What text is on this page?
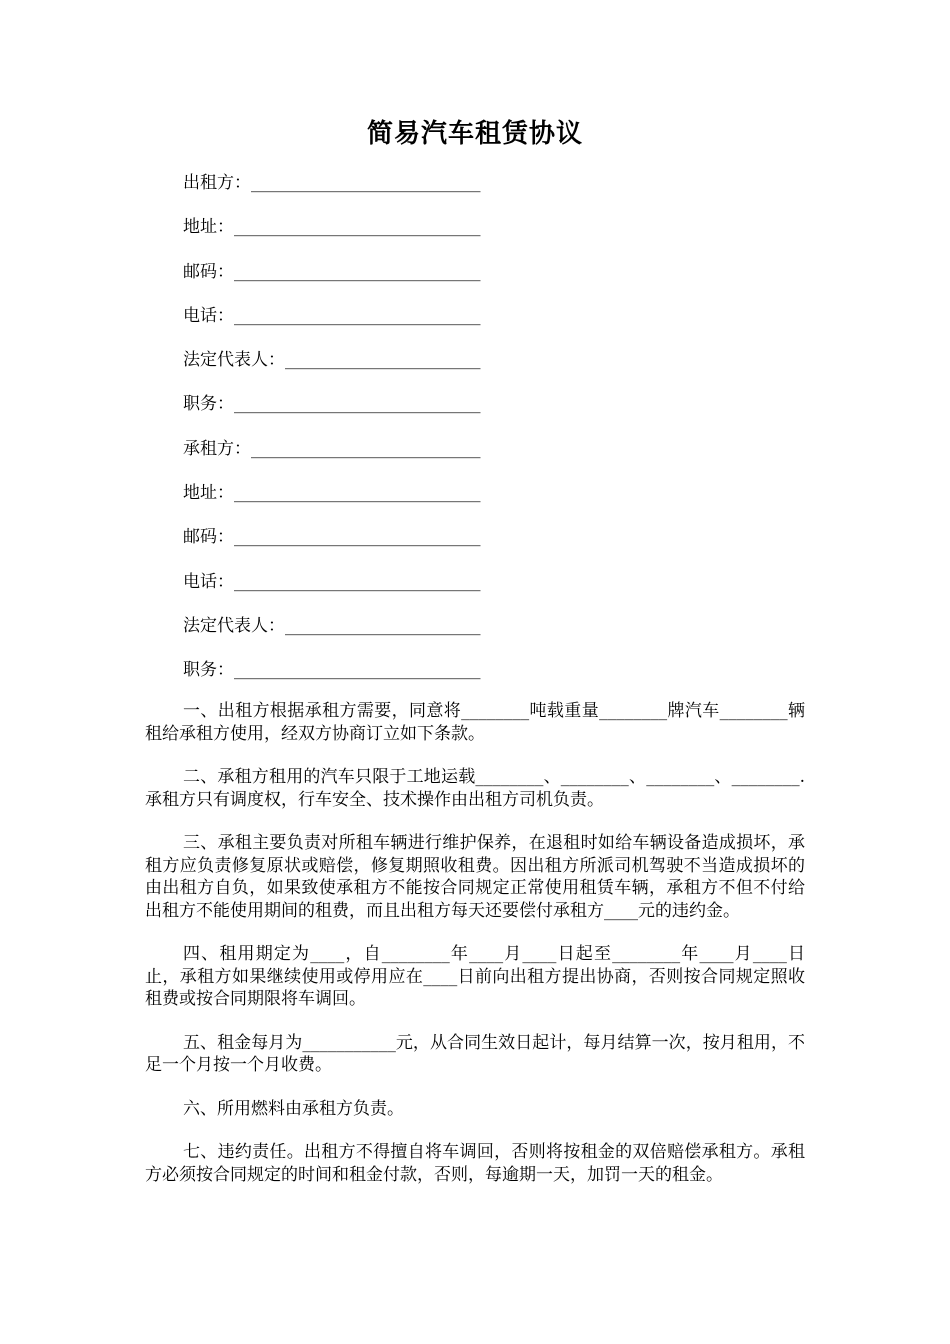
简易汽车租赁协议
出租方：___________________________
地址：_____________________________
邮码：_____________________________
电话：_____________________________
法定代表人：_______________________
职务：_____________________________
承租方：___________________________
地址：_____________________________
邮码：_____________________________
电话：_____________________________
法定代表人：_______________________
职务：_____________________________

一、出租方根据承租方需要，同意将________吨载重量________牌汽车________辆租给承租方使用，经双方协商订立如下条款。

二、承租方租用的汽车只限于工地运载________、________、________、________.承租方只有调度权，行车安全、技术操作由出租方司机负责。

三、承租主要负责对所租车辆进行维护保养，在退租时如给车辆设备造成损坏，承租方应负责修复原状或赔偿，修复期照收租费。因出租方所派司机驾驶不当造成损坏的由出租方自负，如果致使承租方不能按合同规定正常使用租赁车辆，承租方不但不付给出租方不能使用期间的租费，而且出租方每天还要偿付承租方____元的违约金。

四、租用期定为____，自________年____月____日起至________年____月____日止，承租方如果继续使用或停用应在____日前向出租方提出协商，否则按合同规定照收租费或按合同期限将车调回。

五、租金每月为___________元，从合同生效日起计，每月结算一次，按月租用，不足一个月按一个月收费。

六、所用燃料由承租方负责。

七、违约责任。出租方不得擅自将车调回，否则将按租金的双倍赔偿承租方。承租方必须按合同规定的时间和租金付款，否则，每逾期一天，加罚一天的租金。
